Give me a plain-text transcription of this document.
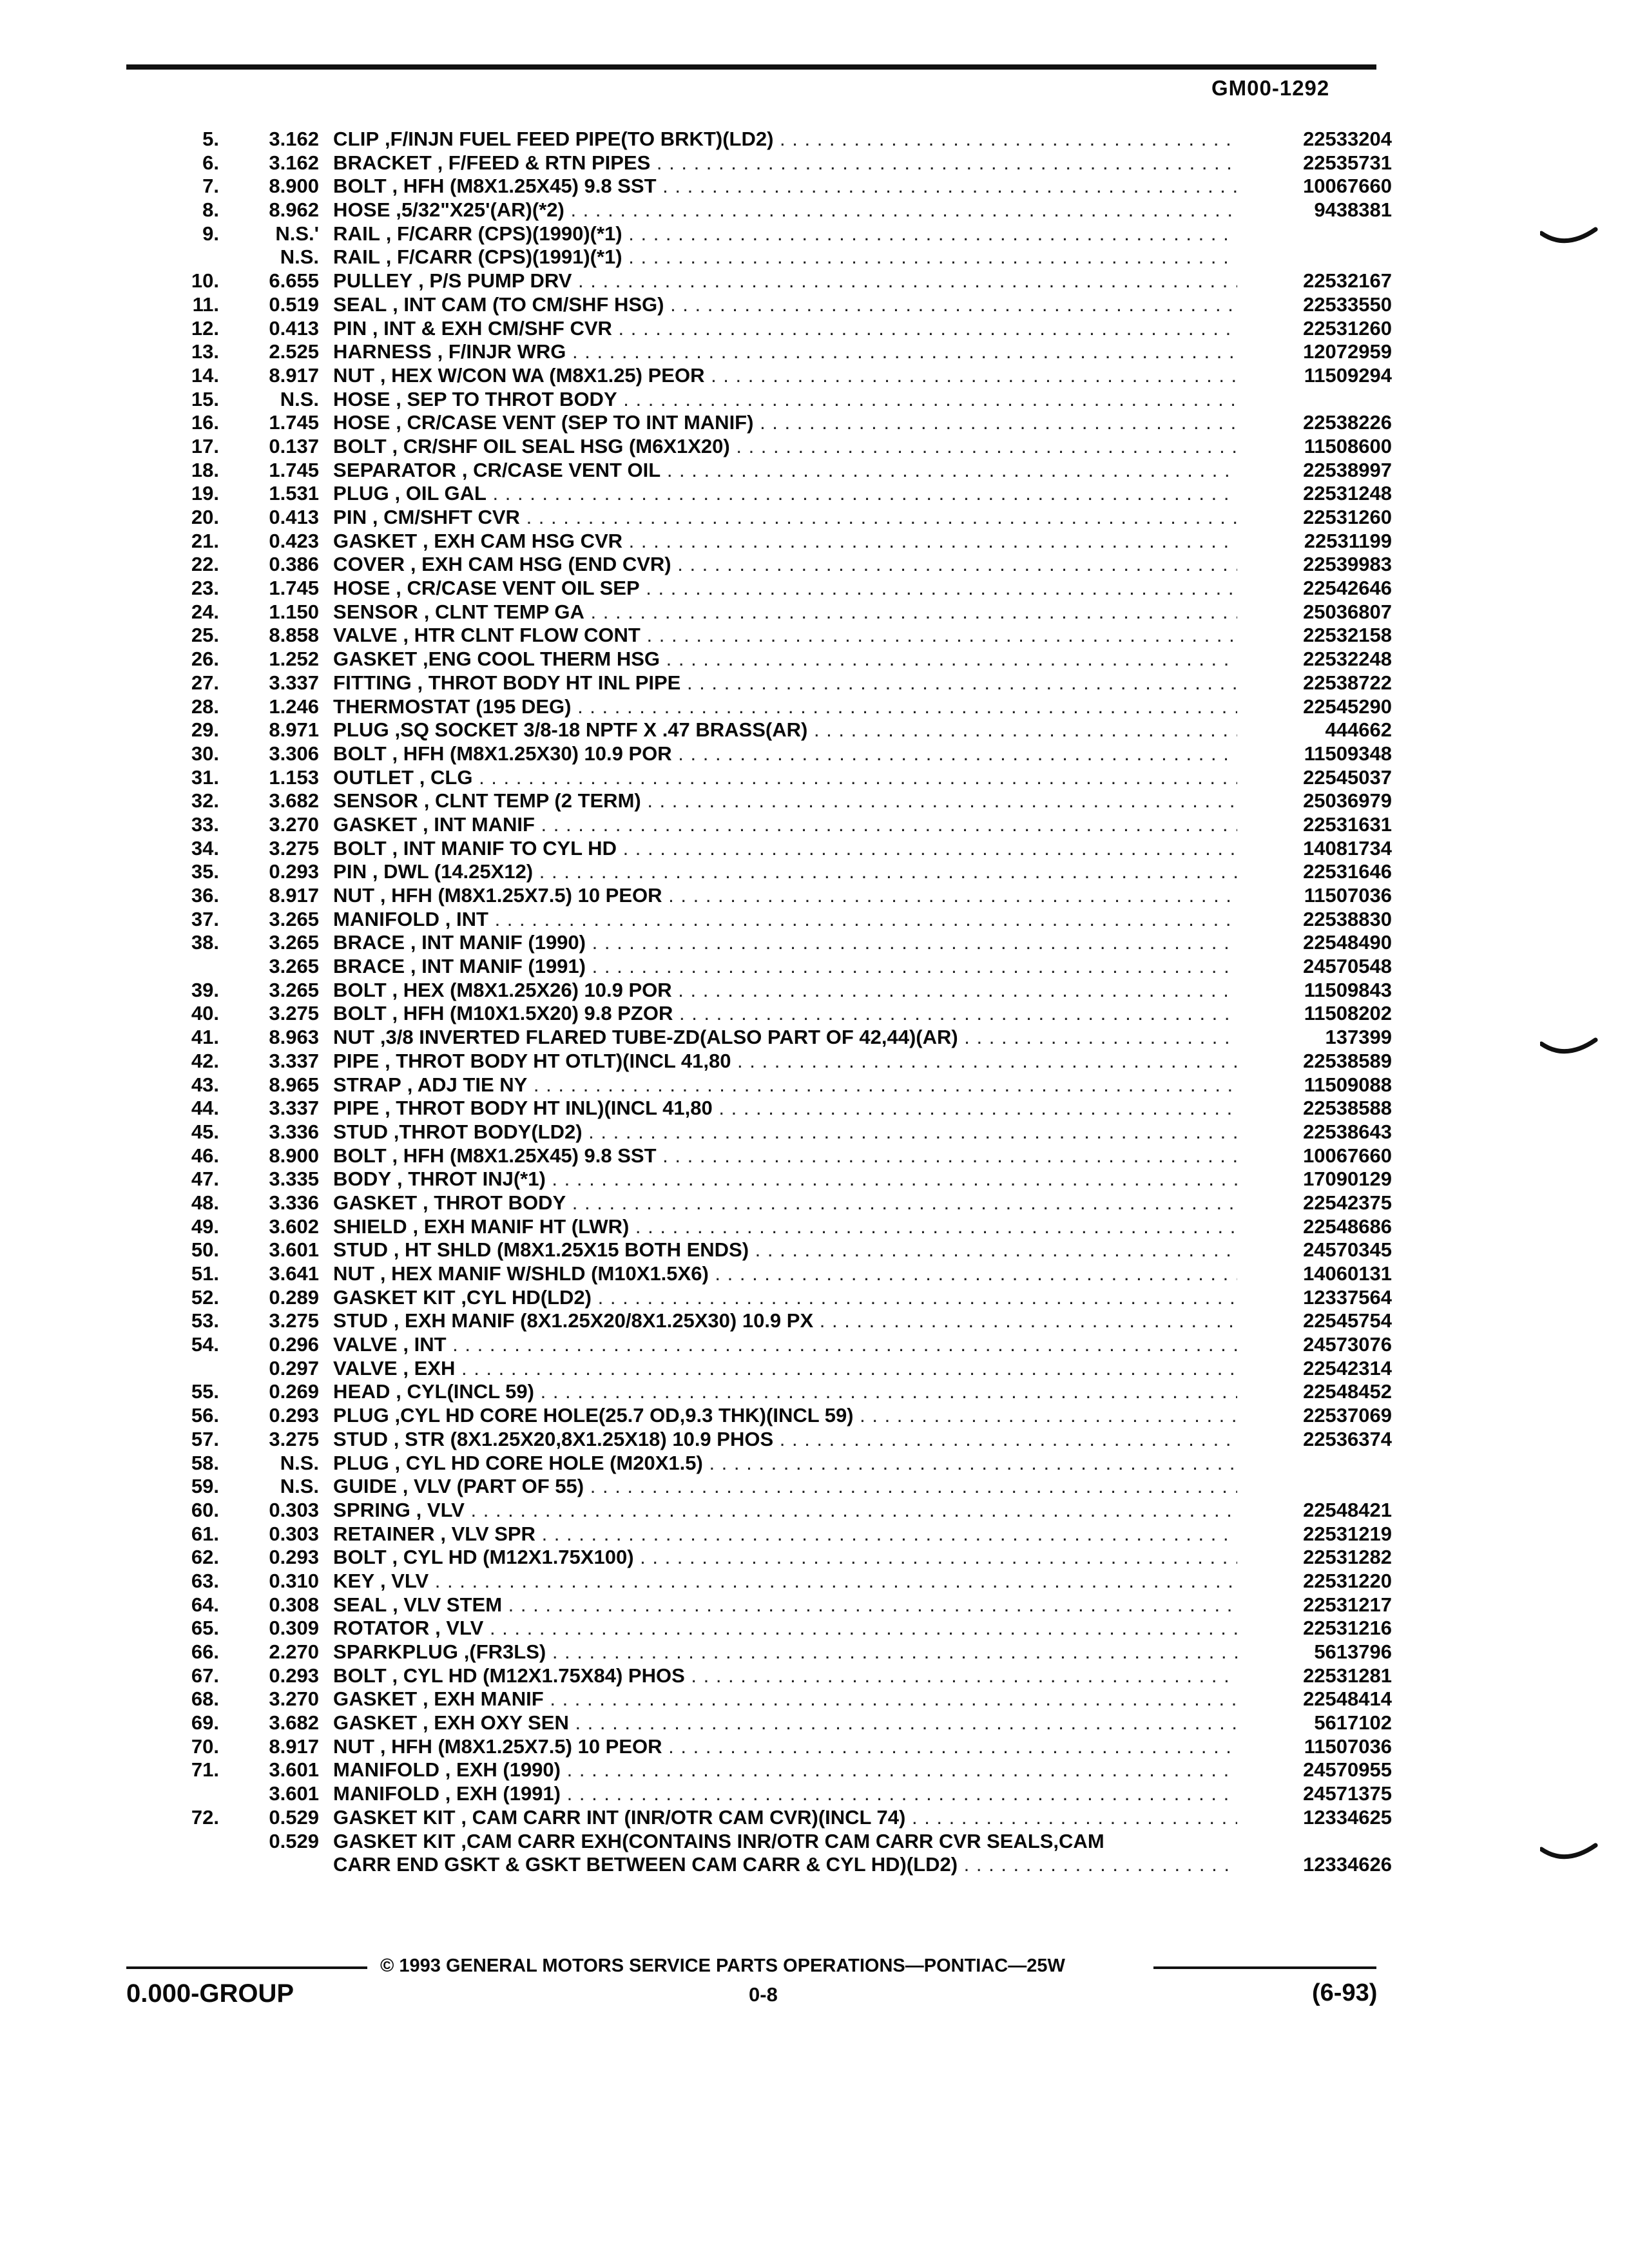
GM00-1292
5.	3.162 CLIP ,F/INJN FUEL FEED PIPE(TO BRKT)(LD2) . . .	22533204
6.	3.162 BRACKET , F/FEED & RTN PIPES . . .	22535731
7.	8.900 BOLT , HFH (M8X1.25X45) 9.8 SST . . .	10067660
8.	8.962 HOSE ,5/32"X25'(AR)(*2) . . .	9438381
9.	N.S.' RAIL , F/CARR (CPS)(1990)(*1) . . .
N.S. RAIL , F/CARR (CPS)(1991)(*1) . . .
10.	6.655 PULLEY , P/S PUMP DRV . . .	22532167
11.	0.519 SEAL , INT CAM (TO CM/SHF HSG) . . .	22533550
12.	0.413 PIN , INT & EXH CM/SHF CVR . . .	22531260
13.	2.525 HARNESS , F/INJR WRG . . .	12072959
14.	8.917 NUT , HEX W/CON WA (M8X1.25) PEOR . . .	11509294
15.	N.S. HOSE , SEP TO THROT BODY . . .
16.	1.745 HOSE , CR/CASE VENT (SEP TO INT MANIF) . . .	22538226
17.	0.137 BOLT , CR/SHF OIL SEAL HSG (M6X1X20) . . .	11508600
18.	1.745 SEPARATOR , CR/CASE VENT OIL . . .	22538997
19.	1.531 PLUG , OIL GAL . . .	22531248
20.	0.413 PIN , CM/SHFT CVR . . .	22531260
21.	0.423 GASKET , EXH CAM HSG CVR . . .	22531199
22.	0.386 COVER , EXH CAM HSG (END CVR) . . .	22539983
23.	1.745 HOSE , CR/CASE VENT OIL SEP . . .	22542646
24.	1.150 SENSOR , CLNT TEMP GA . . .	25036807
25.	8.858 VALVE , HTR CLNT FLOW CONT . . .	22532158
26.	1.252 GASKET ,ENG COOL THERM HSG . . .	22532248
27.	3.337 FITTING , THROT BODY HT INL PIPE . . .	22538722
28.	1.246 THERMOSTAT (195 DEG) . . .	22545290
29.	8.971 PLUG ,SQ SOCKET 3/8-18 NPTF X .47 BRASS(AR) . . .	444662
30.	3.306 BOLT , HFH (M8X1.25X30) 10.9 POR . . .	11509348
31.	1.153 OUTLET , CLG . . .	22545037
32.	3.682 SENSOR , CLNT TEMP (2 TERM) . . .	25036979
33.	3.270 GASKET , INT MANIF . . .	22531631
34.	3.275 BOLT , INT MANIF TO CYL HD . . .	14081734
35.	0.293 PIN , DWL (14.25X12) . . .	22531646
36.	8.917 NUT , HFH (M8X1.25X7.5) 10 PEOR . . .	11507036
37.	3.265 MANIFOLD , INT . . .	22538830
38.	3.265 BRACE , INT MANIF (1990) . . .	22548490
3.265 BRACE , INT MANIF (1991) . . .	24570548
39.	3.265 BOLT , HEX (M8X1.25X26) 10.9 POR . . .	11509843
40.	3.275 BOLT , HFH (M10X1.5X20) 9.8 PZOR . . .	11508202
41.	8.963 NUT ,3/8 INVERTED FLARED TUBE-ZD(ALSO PART OF 42,44)(AR) . . .	137399
42.	3.337 PIPE , THROT BODY HT OTLT)(INCL 41,80 . . .	22538589
43.	8.965 STRAP , ADJ TIE NY . . .	11509088
44.	3.337 PIPE , THROT BODY HT INL)(INCL 41,80 . . .	22538588
45.	3.336 STUD ,THROT BODY(LD2) . . .	22538643
46.	8.900 BOLT , HFH (M8X1.25X45) 9.8 SST . . .	10067660
47.	3.335 BODY , THROT INJ(*1) . . .	17090129
48.	3.336 GASKET , THROT BODY . . .	22542375
49.	3.602 SHIELD , EXH MANIF HT (LWR) . . .	22548686
50.	3.601 STUD , HT SHLD (M8X1.25X15 BOTH ENDS) . . .	24570345
51.	3.641 NUT , HEX MANIF W/SHLD (M10X1.5X6) . . .	14060131
52.	0.289 GASKET KIT ,CYL HD(LD2) . . .	12337564
53.	3.275 STUD , EXH MANIF (8X1.25X20/8X1.25X30) 10.9 PX . . .	22545754
54.	0.296 VALVE , INT . . .	24573076
0.297 VALVE , EXH . . .	22542314
55.	0.269 HEAD , CYL(INCL 59) . . .	22548452
56.	0.293 PLUG ,CYL HD CORE HOLE(25.7 OD,9.3 THK)(INCL 59) . . .	22537069
57.	3.275 STUD , STR (8X1.25X20,8X1.25X18) 10.9 PHOS . . .	22536374
58.	N.S. PLUG , CYL HD CORE HOLE (M20X1.5) . . .
59.	N.S. GUIDE , VLV (PART OF 55) . . .
60.	0.303 SPRING , VLV . . .	22548421
61.	0.303 RETAINER , VLV SPR . . .	22531219
62.	0.293 BOLT , CYL HD (M12X1.75X100) . . .	22531282
63.	0.310 KEY , VLV . . .	22531220
64.	0.308 SEAL , VLV STEM . . .	22531217
65.	0.309 ROTATOR , VLV . . .	22531216
66.	2.270 SPARKPLUG ,(FR3LS) . . .	5613796
67.	0.293 BOLT , CYL HD (M12X1.75X84) PHOS . . .	22531281
68.	3.270 GASKET , EXH MANIF . . .	22548414
69.	3.682 GASKET , EXH OXY SEN . . .	5617102
70.	8.917 NUT , HFH (M8X1.25X7.5) 10 PEOR . . .	11507036
71.	3.601 MANIFOLD , EXH (1990) . . .	24570955
3.601 MANIFOLD , EXH (1991) . . .	24571375
72.	0.529 GASKET KIT , CAM CARR INT (INR/OTR CAM CVR)(INCL 74) . . .	12334625
0.529 GASKET KIT ,CAM CARR EXH(CONTAINS INR/OTR CAM CARR CVR SEALS,CAM
CARR END GSKT & GSKT BETWEEN CAM CARR & CYL HD)(LD2) . . .	12334626
© 1993 GENERAL MOTORS SERVICE PARTS OPERATIONS—PONTIAC—25W
0.000-GROUP	0-8	(6-93)
